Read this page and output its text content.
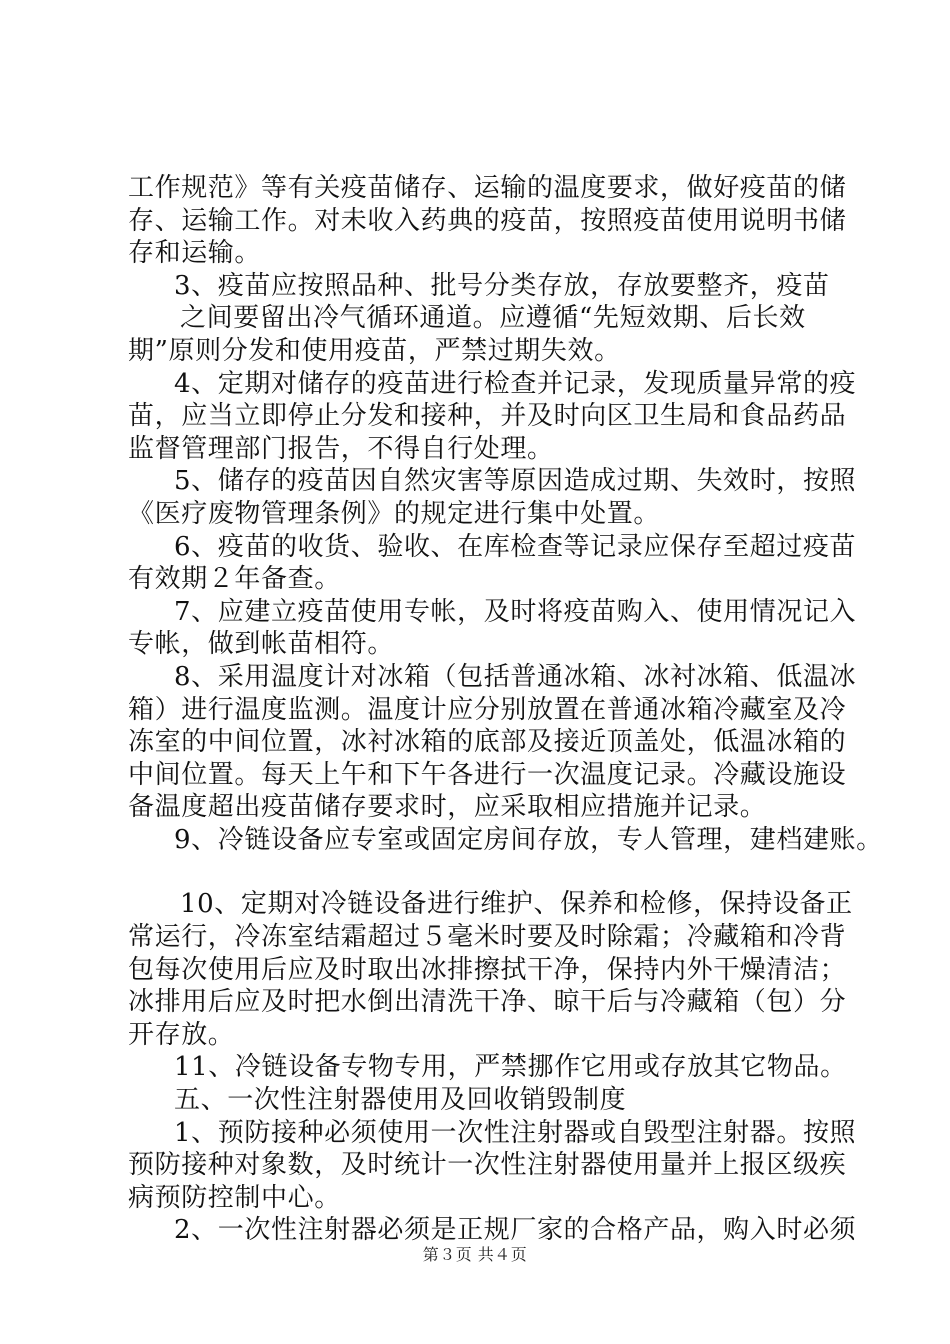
工作规范》等有关疫苗储存、运输的温度要求，做好疫苗的储
存、运输工作。对未收入药典的疫苗，按照疫苗使用说明书储
存和运输。
3、疫苗应按照品种、批号分类存放，存放要整齐，疫苗
之间要留出冷气循环通道。应遵循“先短效期、后长效
期”原则分发和使用疫苗，严禁过期失效。
4、定期对储存的疫苗进行检查并记录，发现质量异常的疫
苗，应当立即停止分发和接种，并及时向区卫生局和食品药品
监督管理部门报告，不得自行处理。
5、储存的疫苗因自然灾害等原因造成过期、失效时，按照
《医疗废物管理条例》的规定进行集中处置。
6、疫苗的收货、验收、在库检查等记录应保存至超过疫苗
有效期２年备查。
7、应建立疫苗使用专帐，及时将疫苗购入、使用情况记入
专帐，做到帐苗相符。
8、采用温度计对冰箱（包括普通冰箱、冰衬冰箱、低温冰
箱）进行温度监测。温度计应分别放置在普通冰箱冷藏室及冷
冻室的中间位置，冰衬冰箱的底部及接近顶盖处，低温冰箱的
中间位置。每天上午和下午各进行一次温度记录。冷藏设施设
备温度超出疫苗储存要求时，应采取相应措施并记录。
9、冷链设备应专室或固定房间存放，专人管理，建档建账。
10、定期对冷链设备进行维护、保养和检修，保持设备正
常运行，冷冻室结霜超过５毫米时要及时除霜；冷藏箱和冷背
包每次使用后应及时取出冰排擦拭干净，保持内外干燥清洁；
冰排用后应及时把水倒出清洗干净、晾干后与冷藏箱（包）分
开存放。
11、冷链设备专物专用，严禁挪作它用或存放其它物品。
五、一次性注射器使用及回收销毁制度
1、预防接种必须使用一次性注射器或自毁型注射器。按照
预防接种对象数，及时统计一次性注射器使用量并上报区级疾
病预防控制中心。
2、一次性注射器必须是正规厂家的合格产品，购入时必须
第３页 共４页
